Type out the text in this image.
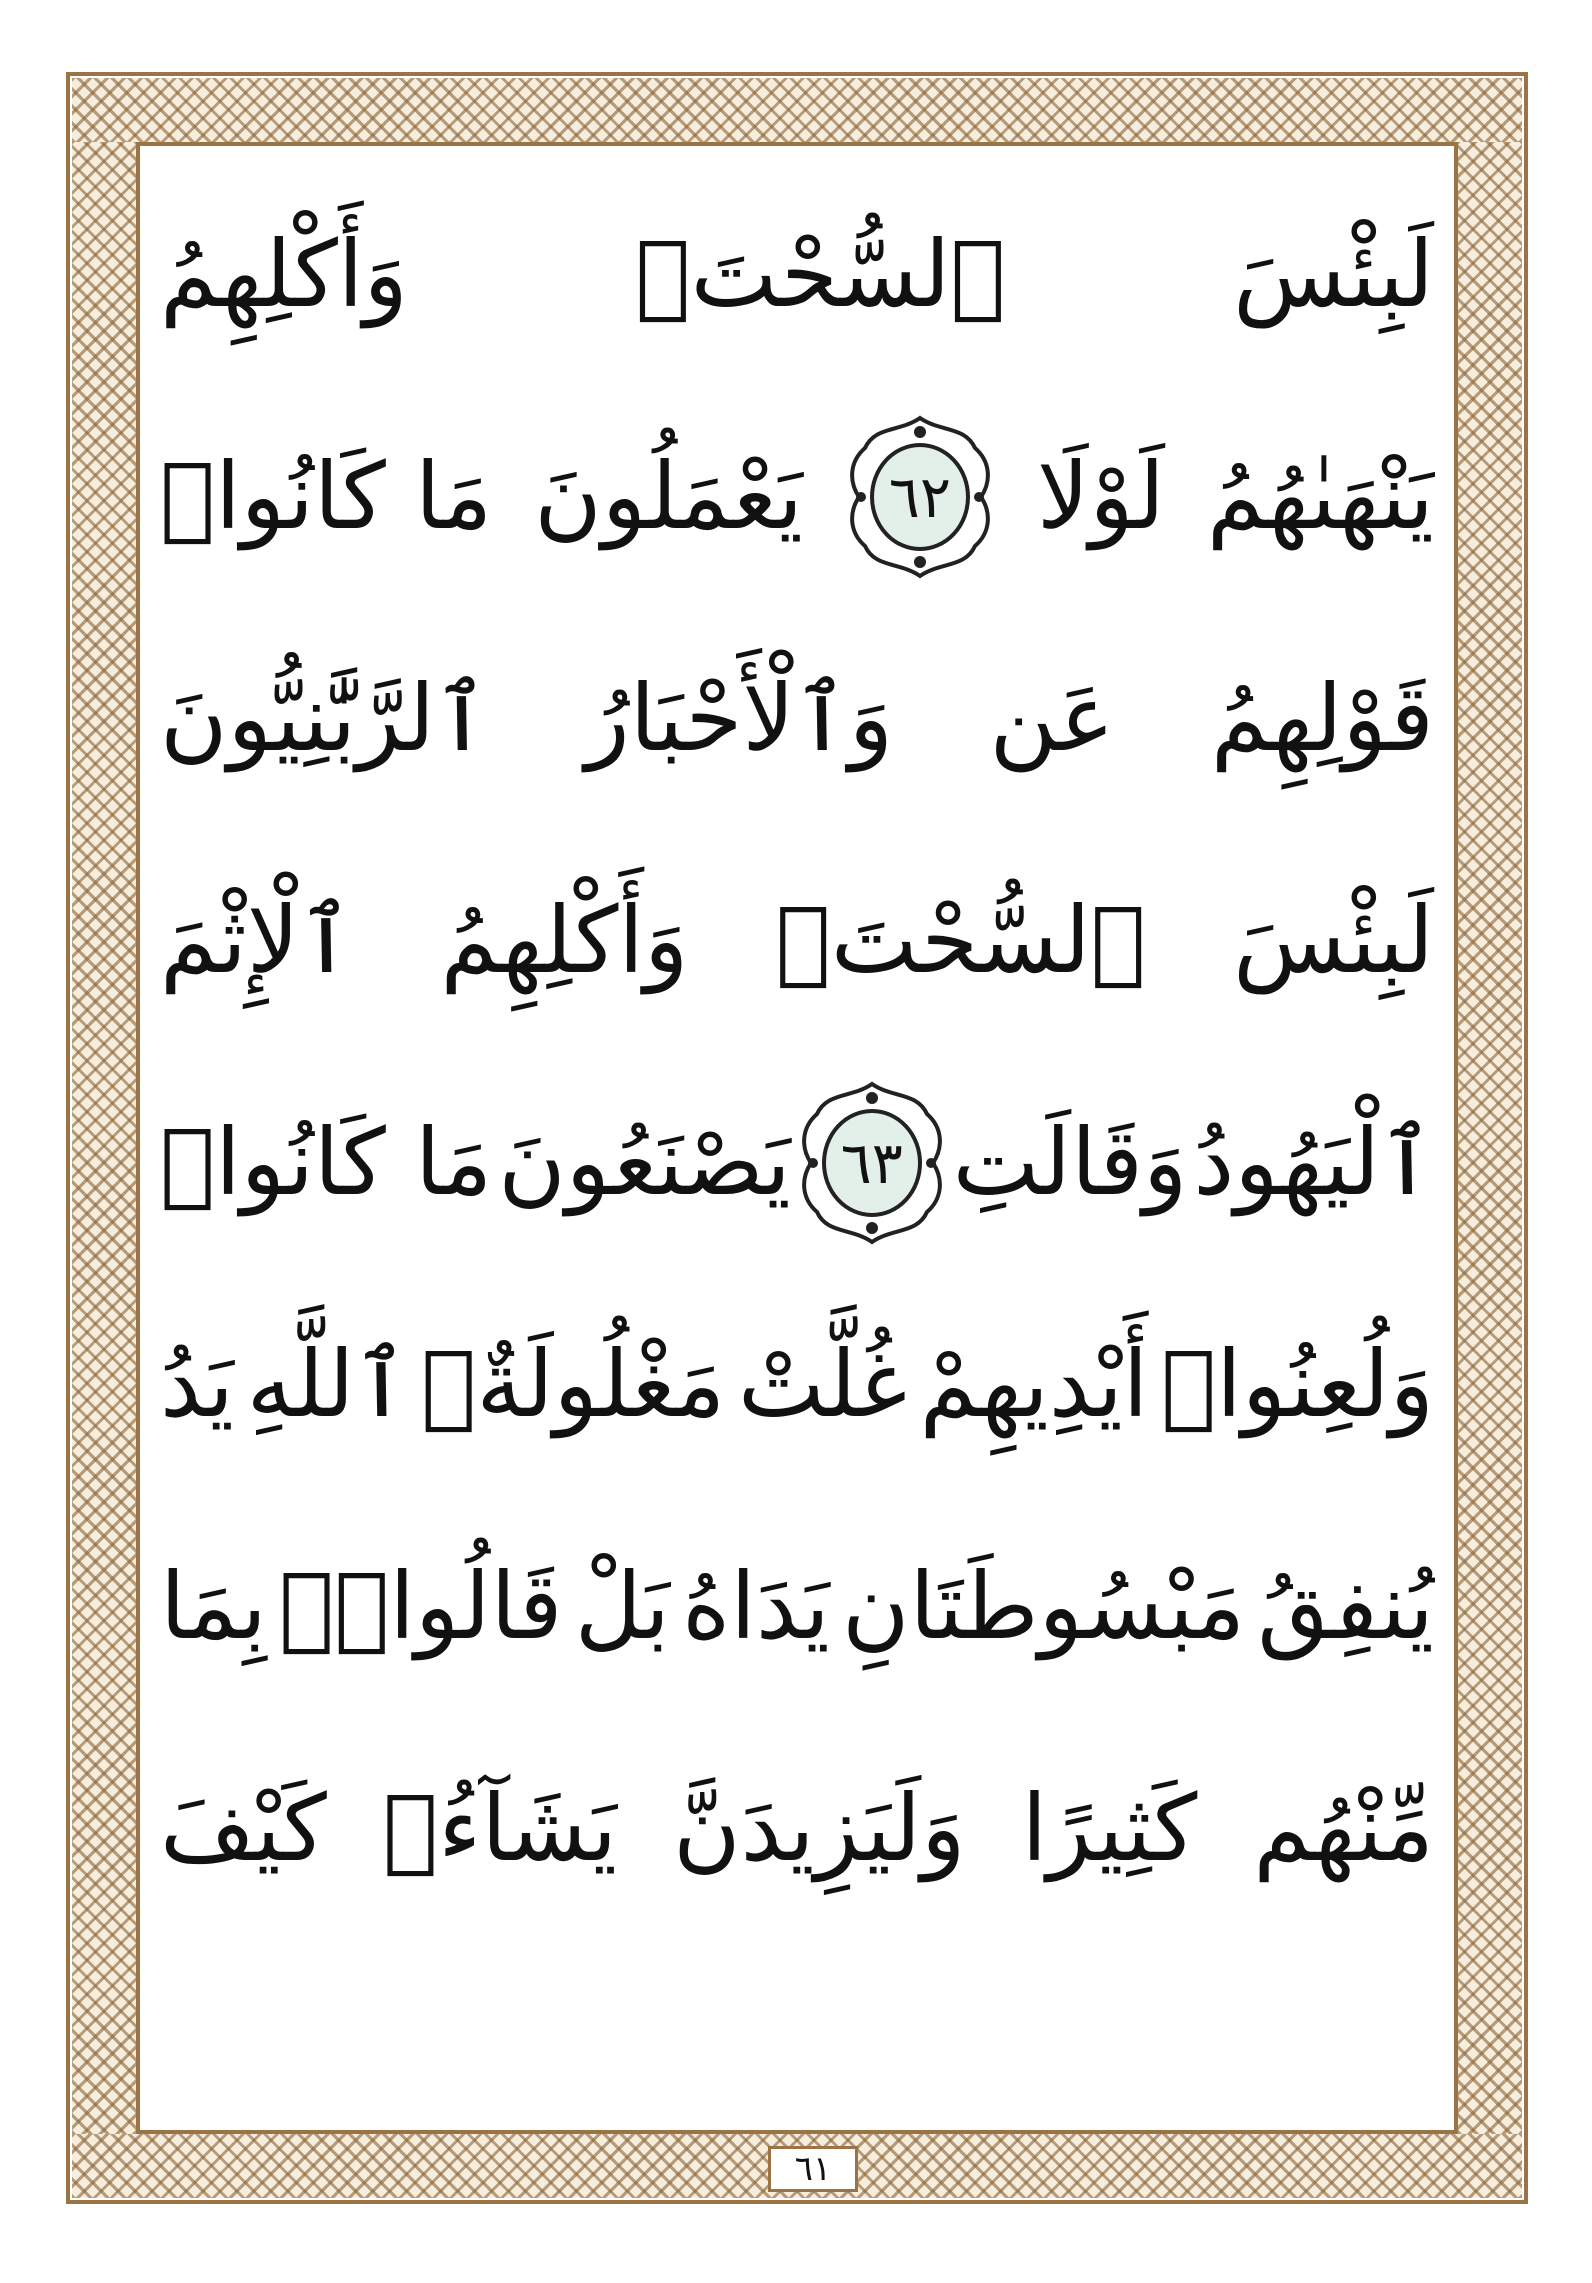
لَبِئْسَ
ٱلسُّحْتَۚ
وَأَكْلِهِمُ
يَنْهَىٰهُمُ
لَوْلَا
٦٢
يَعْمَلُونَ
مَا كَانُوا۟
قَوْلِهِمُ
عَن
وَٱلْأَحْبَارُ
ٱلرَّبَّٰنِيُّونَ
لَبِئْسَ
ٱلسُّحْتَۚ
وَأَكْلِهِمُ
ٱلْإِثْمَ
ٱلْيَهُودُ
وَقَالَتِ
٦٣
يَصْنَعُونَ
مَا كَانُوا۟
وَلُعِنُوا۟
أَيْدِيهِمْ
غُلَّتْ
مَغْلُولَةٌۚ
ٱللَّهِ
يَدُ
يُنفِقُ
مَبْسُوطَتَانِ
يَدَاهُ
بَلْ
قَالُوا۟ۘ
بِمَا
مِّنْهُم
كَثِيرًا
وَلَيَزِيدَنَّ
يَشَآءُۚ
كَيْفَ
٦١
